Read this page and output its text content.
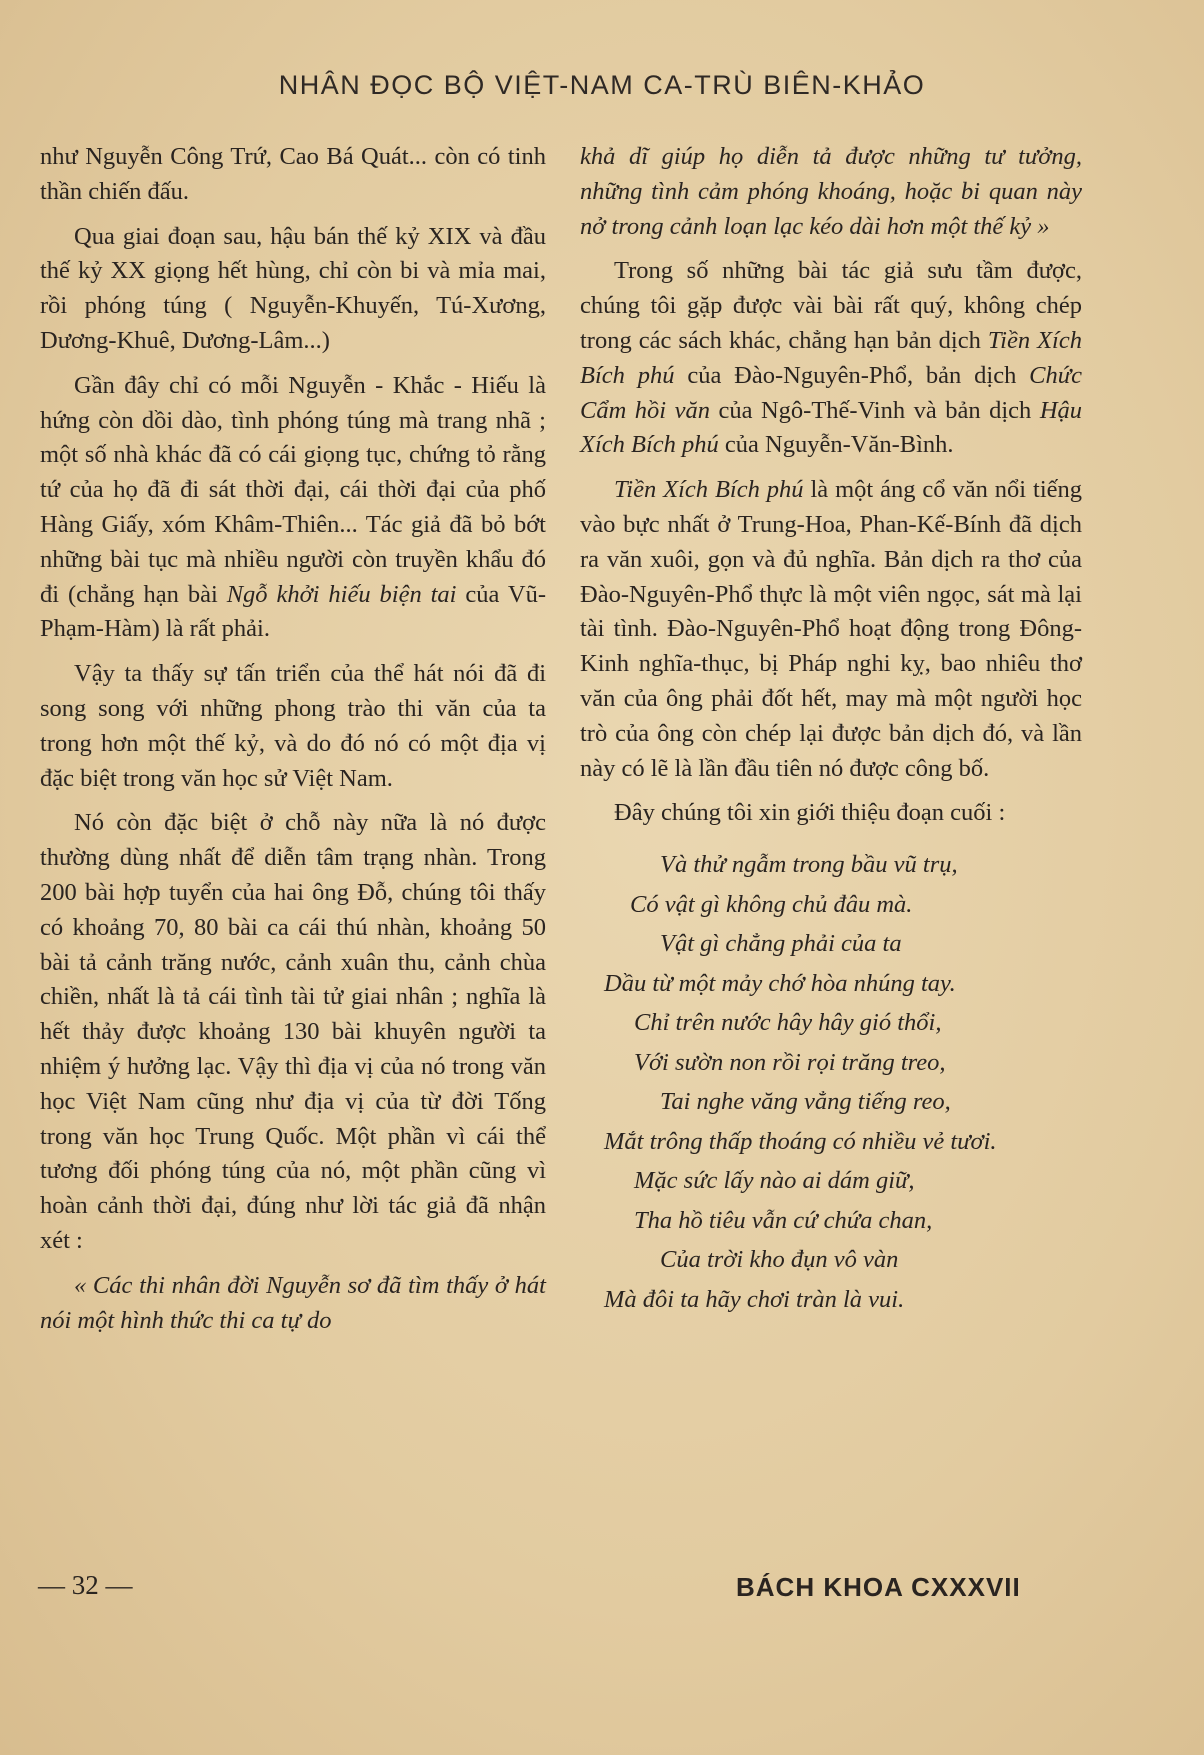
NHÂN ĐỌC BỘ VIỆT-NAM CA-TRÙ BIÊN-KHẢO

như Nguyễn Công Trứ, Cao Bá Quát... còn có tinh thần chiến đấu.

Qua giai đoạn sau, hậu bán thế kỷ XIX và đầu thế kỷ XX giọng hết hùng, chỉ còn bi và mỉa mai, rồi phóng túng ( Nguyễn-Khuyến, Tú-Xương, Dương-Khuê, Dương-Lâm...)

Gần đây chỉ có mỗi Nguyễn - Khắc - Hiếu là hứng còn dồi dào, tình phóng túng mà trang nhã ; một số nhà khác đã có cái giọng tục, chứng tỏ rằng tứ của họ đã đi sát thời đại, cái thời đại của phố Hàng Giấy, xóm Khâm-Thiên... Tác giả đã bỏ bớt những bài tục mà nhiều người còn truyền khẩu đó đi (chẳng hạn bài Ngỗ khởi hiếu biện tai của Vũ-Phạm-Hàm) là rất phải.

Vậy ta thấy sự tấn triển của thể hát nói đã đi song song với những phong trào thi văn của ta trong hơn một thế kỷ, và do đó nó có một địa vị đặc biệt trong văn học sử Việt Nam.

Nó còn đặc biệt ở chỗ này nữa là nó được thường dùng nhất để diễn tâm trạng nhàn. Trong 200 bài hợp tuyển của hai ông Đỗ, chúng tôi thấy có khoảng 70, 80 bài ca cái thú nhàn, khoảng 50 bài tả cảnh trăng nước, cảnh xuân thu, cảnh chùa chiền, nhất là tả cái tình tài tử giai nhân ; nghĩa là hết thảy được khoảng 130 bài khuyên người ta nhiệm ý hưởng lạc. Vậy thì địa vị của nó trong văn học Việt Nam cũng như địa vị của từ đời Tống trong văn học Trung Quốc. Một phần vì cái thể tương đối phóng túng của nó, một phần cũng vì hoàn cảnh thời đại, đúng như lời tác giả đã nhận xét :

« Các thi nhân đời Nguyễn sơ đã tìm thấy ở hát nói một hình thức thi ca tự do

khả dĩ giúp họ diễn tả được những tư tưởng, những tình cảm phóng khoáng, hoặc bi quan này nở trong cảnh loạn lạc kéo dài hơn một thế kỷ »

Trong số những bài tác giả sưu tầm được, chúng tôi gặp được vài bài rất quý, không chép trong các sách khác, chẳng hạn bản dịch Tiền Xích Bích phú của Đào-Nguyên-Phổ, bản dịch Chức Cẩm hồi văn của Ngô-Thế-Vinh và bản dịch Hậu Xích Bích phú của Nguyễn-Văn-Bình.

Tiền Xích Bích phú là một áng cổ văn nổi tiếng vào bực nhất ở Trung-Hoa, Phan-Kế-Bính đã dịch ra văn xuôi, gọn và đủ nghĩa. Bản dịch ra thơ của Đào-Nguyên-Phổ thực là một viên ngọc, sát mà lại tài tình. Đào-Nguyên-Phổ hoạt động trong Đông-Kinh nghĩa-thục, bị Pháp nghi kỵ, bao nhiêu thơ văn của ông phải đốt hết, may mà một người học trò của ông còn chép lại được bản dịch đó, và lần này có lẽ là lần đầu tiên nó được công bố.

Đây chúng tôi xin giới thiệu đoạn cuối :

Và thử ngẫm trong bầu vũ trụ,
Có vật gì không chủ đâu mà.
Vật gì chẳng phải của ta
Dầu từ một mảy chớ hòa nhúng tay.
Chỉ trên nước hây hây gió thổi,
Với sườn non rồi rọi trăng treo,
Tai nghe văng vẳng tiếng reo,
Mắt trông thấp thoáng có nhiều vẻ tươi.
Mặc sức lấy nào ai dám giữ,
Tha hồ tiêu vẫn cứ chứa chan,
Của trời kho đụn vô vàn
Mà đôi ta hãy chơi tràn là vui.
— 32 —	BÁCH KHOA CXXXVII
